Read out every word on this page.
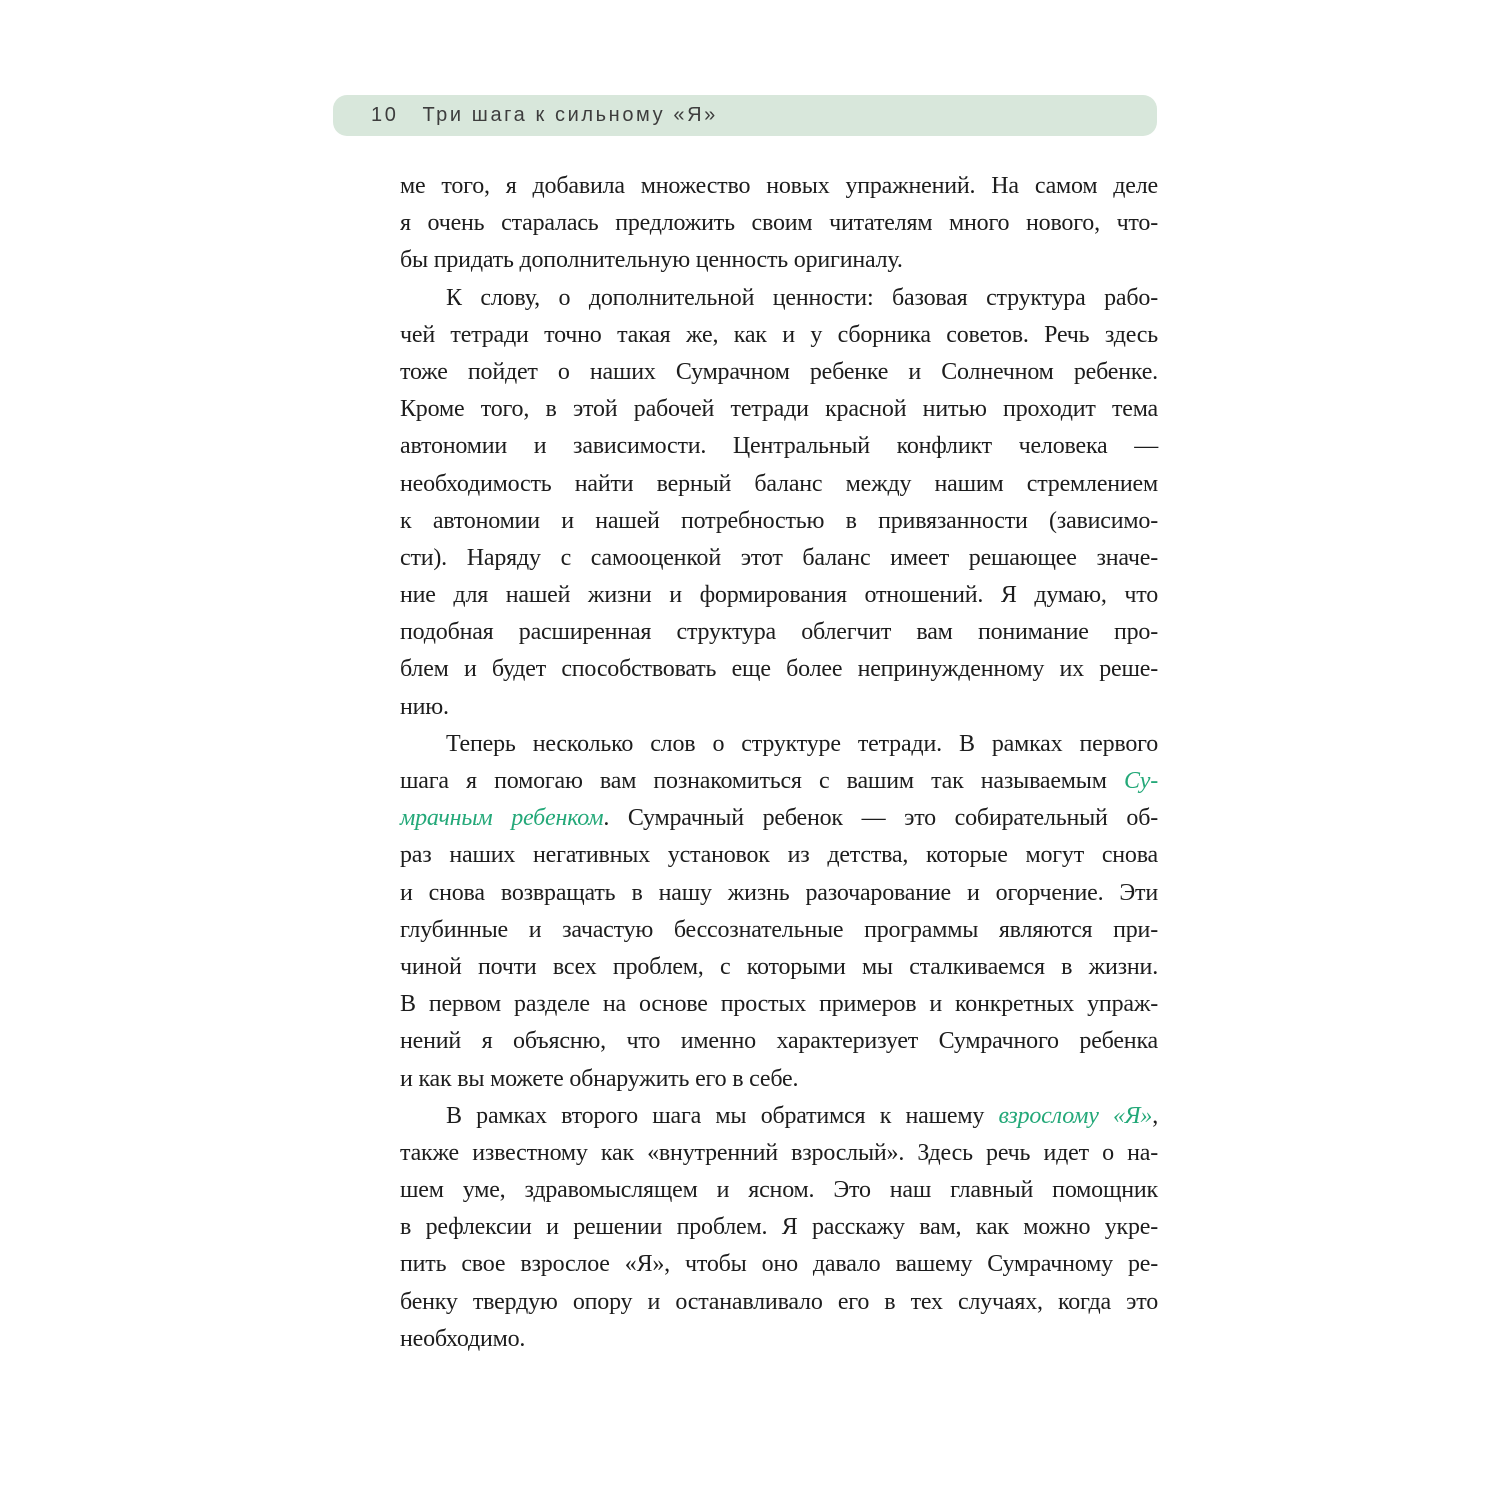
10 Три шага к сильному «Я»
ме того, я добавила множество новых упражнений. На самом деле
я очень старалась предложить своим читателям много нового, что-
бы придать дополнительную ценность оригиналу.
К слову, о дополнительной ценности: базовая структура рабо-
чей тетради точно такая же, как и у сборника советов. Речь здесь
тоже пойдет о наших Сумрачном ребенке и Солнечном ребенке.
Кроме того, в этой рабочей тетради красной нитью проходит тема
автономии и зависимости. Центральный конфликт человека —
необходимость найти верный баланс между нашим стремлением
к автономии и нашей потребностью в привязанности (зависимо-
сти). Наряду с самооценкой этот баланс имеет решающее значе-
ние для нашей жизни и формирования отношений. Я думаю, что
подобная расширенная структура облегчит вам понимание про-
блем и будет способствовать еще более непринужденному их реше-
нию.
Теперь несколько слов о структуре тетради. В рамках первого
шага я помогаю вам познакомиться с вашим так называемым Су-
мрачным ребенком. Сумрачный ребенок — это собирательный об-
раз наших негативных установок из детства, которые могут снова
и снова возвращать в нашу жизнь разочарование и огорчение. Эти
глубинные и зачастую бессознательные программы являются при-
чиной почти всех проблем, с которыми мы сталкиваемся в жизни.
В первом разделе на основе простых примеров и конкретных упраж-
нений я объясню, что именно характеризует Сумрачного ребенка
и как вы можете обнаружить его в себе.
В рамках второго шага мы обратимся к нашему взрослому «Я»,
также известному как «внутренний взрослый». Здесь речь идет о на-
шем уме, здравомыслящем и ясном. Это наш главный помощник
в рефлексии и решении проблем. Я расскажу вам, как можно укре-
пить свое взрослое «Я», чтобы оно давало вашему Сумрачному ре-
бенку твердую опору и останавливало его в тех случаях, когда это
необходимо.
